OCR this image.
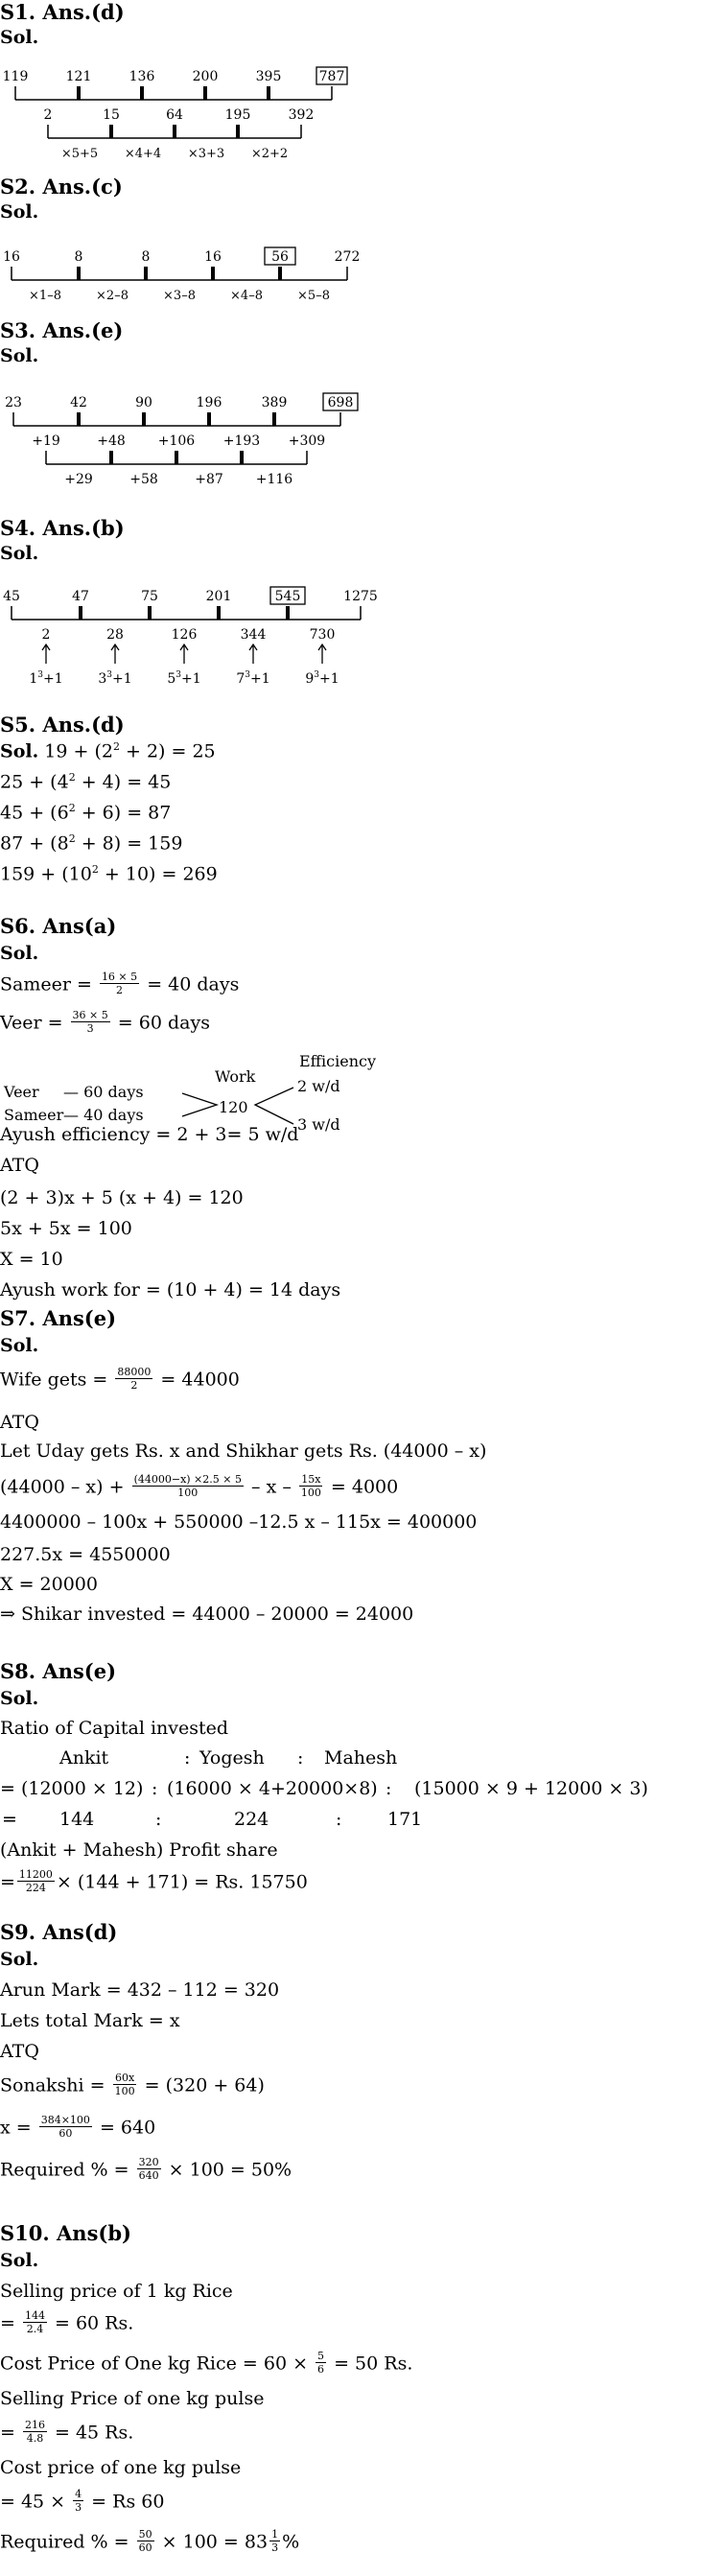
S1. Ans.(d)
Sol.
119	121	136	200	395	787
2	15	64	195	392
×5+5 ×4+4 ×3+3 ×2+2
S2. Ans.(c)
Sol.
16	8	8	16	56	272
×1–8	×2–8	×3–8	×4–8	×5–8
S3. Ans.(e)
Sol.
23	42	90	196	389	698
+19	+48 +106 +193 +309
+29	+58	+87 +116
S4. Ans.(b)
Sol.
45	47	75	201	545	1275
2	28	126	344	730
$1^3+1$	$3^3+1$	$5^3+1$	$7^3+1$	$9^3+1$
S5. Ans.(d)
Sol. $19 + (2^2 + 2) = 25$
$25 + (4^2 + 4) = 45$
$45 + (6^2 + 6) = 87$
$87 + (8^2 + 8) = 159$
$159 + (10^2 + 10) = 269$
S6. Ans(a)
Sol.
Sameer = $\frac{16 \times 5}{2} = 40$ days
Veer = $\frac{36 \times 5}{3} = 60$ days
Efficiency
Work
Veer — 60 days
Sameer — 40 days	120
2 w/d
3 w/d
Ayush efficiency = 2 + 3= 5 w/d
ATQ
(2 + 3)x + 5 (x + 4) = 120
5x + 5x = 100
X = 10
Ayush work for = (10 + 4) = 14 days
S7. Ans(e)
Sol.
Wife gets = $\frac{88000}{2} = 44000$
ATQ
Let Uday gets Rs. x and Shikhar gets Rs. (44000 – x)
$(44000 - x) + \frac{(44000-x) \times 2.5 \times 5}{100} - x - \frac{15x}{100} = 4000$
4400000 – 100x + 550000 –12.5 x – 115x = 400000
227.5x = 4550000
X = 20000
⇒ Shikar invested = 44000 – 20000 = 24000
S8. Ans(e)
Sol.
Ratio of Capital invested
Ankit	: Yogesh : Mahesh
= (12000 × 12) : (16000 × 4+20000×8) : (15000 × 9 + 12000 × 3)
= 144	:	224	:	171
(Ankit + Mahesh) Profit share
= $\frac{11200}{224} \times (144 + 171) = Rs$. 15750
S9. Ans(d)
Sol.
Arun Mark = 432 – 112 = 320
Lets total Mark = x
ATQ
Sonakshi = $\frac{60x}{100} = (320 + 64)$
$x = \frac{384\times 100}{60} = 640$
Required % = $\frac{320}{640} \times 100 = 50\%$
S10. Ans(b)
Sol.
Selling price of 1 kg Rice
= $\frac{144}{2.4} = 60$ Rs.
Cost Price of One kg Rice = $60 \times \frac{5}{6} = 50$ Rs.
Selling Price of one kg pulse
= $\frac{216}{4.8} = 45$ Rs.
Cost price of one kg pulse
= $45 \times \frac{4}{3} = Rs$ 60
Required % = $\frac{50}{60} \times 100 = 83 \frac{1}{3}$ %
